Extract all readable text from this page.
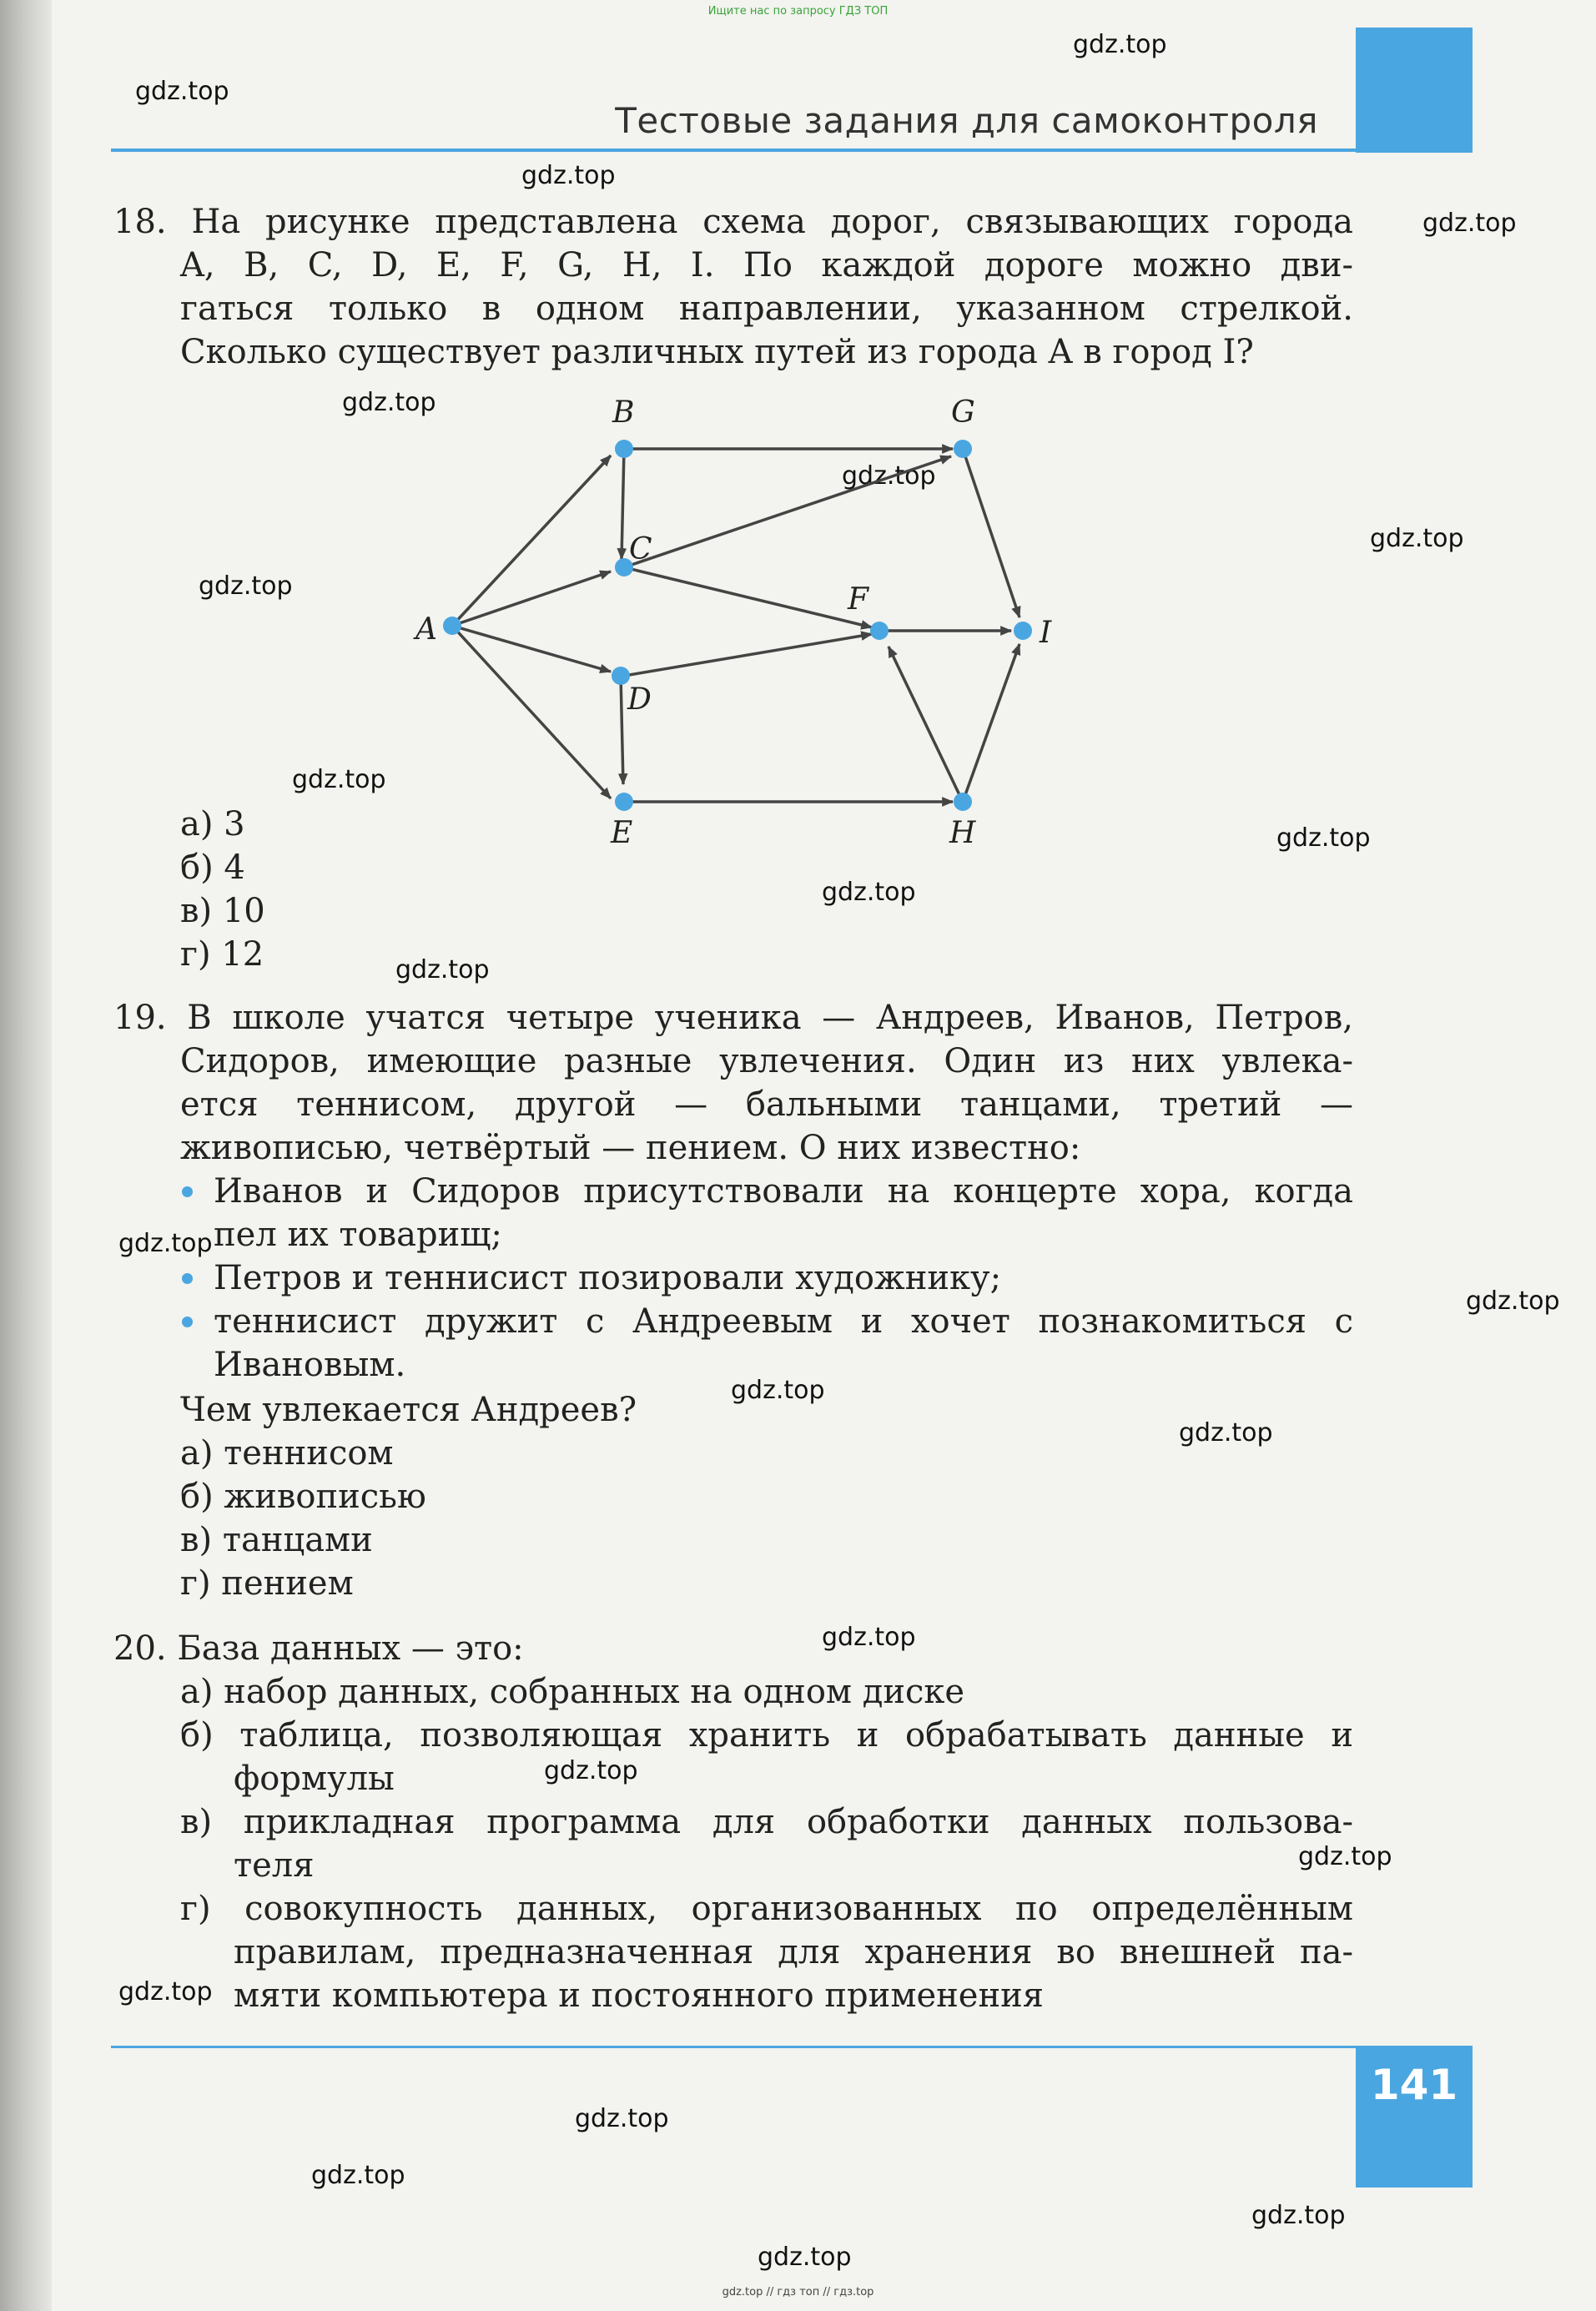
Ищите нас по запросу ГДЗ ТОП
Тестовые задания для самоконтроля
gdz.top
gdz.top
gdz.top
gdz.top
gdz.top
gdz.top
gdz.top
gdz.top
gdz.top
gdz.top
gdz.top
gdz.top
gdz.top
gdz.top
gdz.top
gdz.top
gdz.top
gdz.top
gdz.top
gdz.top
gdz.top
gdz.top
gdz.top
gdz.top

18. На рисунке представлена схема дорог, связывающих города

A, B, C, D, E, F, G, H, I. По каждой дороге можно дви-

гаться только в одном направлении, указанном стрелкой.

Сколько существует различных путей из города A в город I?

A
B
C
D
E
F
G
H
I

а) 3

б) 4

в) 10

г) 12

19. В школе учатся четыре ученика — Андреев, Иванов, Петров,

Сидоров, имеющие разные увлечения. Один из них увлека-

ется теннисом, другой — бальными танцами, третий —

живописью, четвёртый — пением. О них известно:

Иванов и Сидоров присутствовали на концерте хора, когда

пел их товарищ;

Петров и теннисист позировали художнику;

теннисист дружит с Андреевым и хочет познакомиться с

Ивановым.

Чем увлекается Андреев?

а) теннисом

б) живописью

в) танцами

г) пением

20. База данных — это:

а) набор данных, собранных на одном диске

б) таблица, позволяющая хранить и обрабатывать данные и

формулы

в) прикладная программа для обработки данных пользова-

теля

г) совокупность данных, организованных по определённым

правилам, предназначенная для хранения во внешней па-

мяти компьютера и постоянного применения

141
gdz.top // гдз топ // гдз.top
